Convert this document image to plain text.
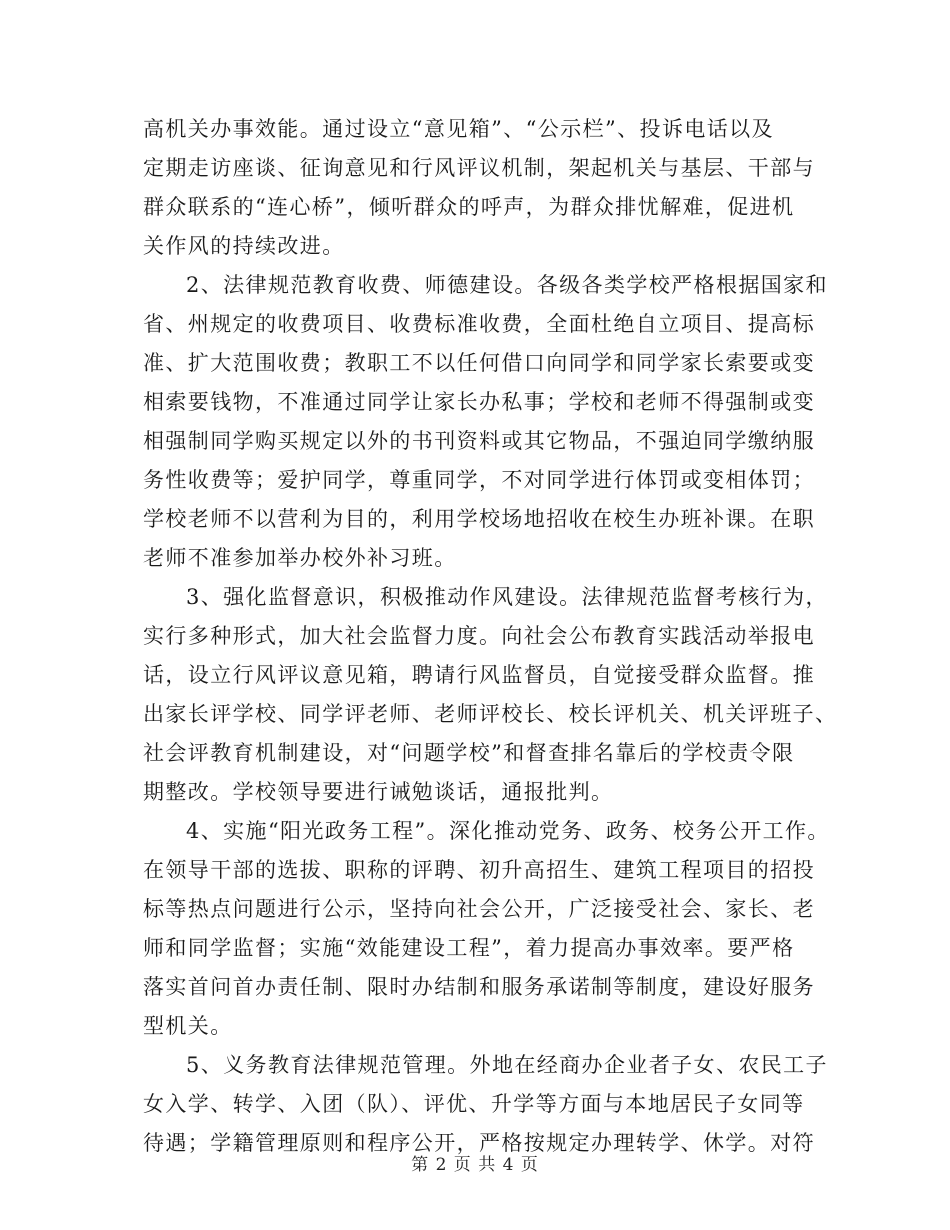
高机关办事效能。通过设立“意见箱”、“公示栏”、投诉电话以及
定期走访座谈、征询意见和行风评议机制，架起机关与基层、干部与
群众联系的“连心桥”，倾听群众的呼声，为群众排忧解难，促进机
关作风的持续改进。
2、法律规范教育收费、师德建设。各级各类学校严格根据国家和
省、州规定的收费项目、收费标准收费，全面杜绝自立项目、提高标
准、扩大范围收费；教职工不以任何借口向同学和同学家长索要或变
相索要钱物，不准通过同学让家长办私事；学校和老师不得强制或变
相强制同学购买规定以外的书刊资料或其它物品，不强迫同学缴纳服
务性收费等；爱护同学，尊重同学，不对同学进行体罚或变相体罚；
学校老师不以营利为目的，利用学校场地招收在校生办班补课。在职
老师不准参加举办校外补习班。
3、强化监督意识，积极推动作风建设。法律规范监督考核行为，
实行多种形式，加大社会监督力度。向社会公布教育实践活动举报电
话，设立行风评议意见箱，聘请行风监督员，自觉接受群众监督。推
出家长评学校、同学评老师、老师评校长、校长评机关、机关评班子、
社会评教育机制建设，对“问题学校”和督查排名靠后的学校责令限
期整改。学校领导要进行诫勉谈话，通报批判。
4、实施“阳光政务工程”。深化推动党务、政务、校务公开工作。
在领导干部的选拔、职称的评聘、初升高招生、建筑工程项目的招投
标等热点问题进行公示，坚持向社会公开，广泛接受社会、家长、老
师和同学监督；实施“效能建设工程”，着力提高办事效率。要严格
落实首问首办责任制、限时办结制和服务承诺制等制度，建设好服务
型机关。
5、义务教育法律规范管理。外地在经商办企业者子女、农民工子
女入学、转学、入团（队）、评优、升学等方面与本地居民子女同等
待遇；学籍管理原则和程序公开，严格按规定办理转学、休学。对符
第 2 页 共 4 页
